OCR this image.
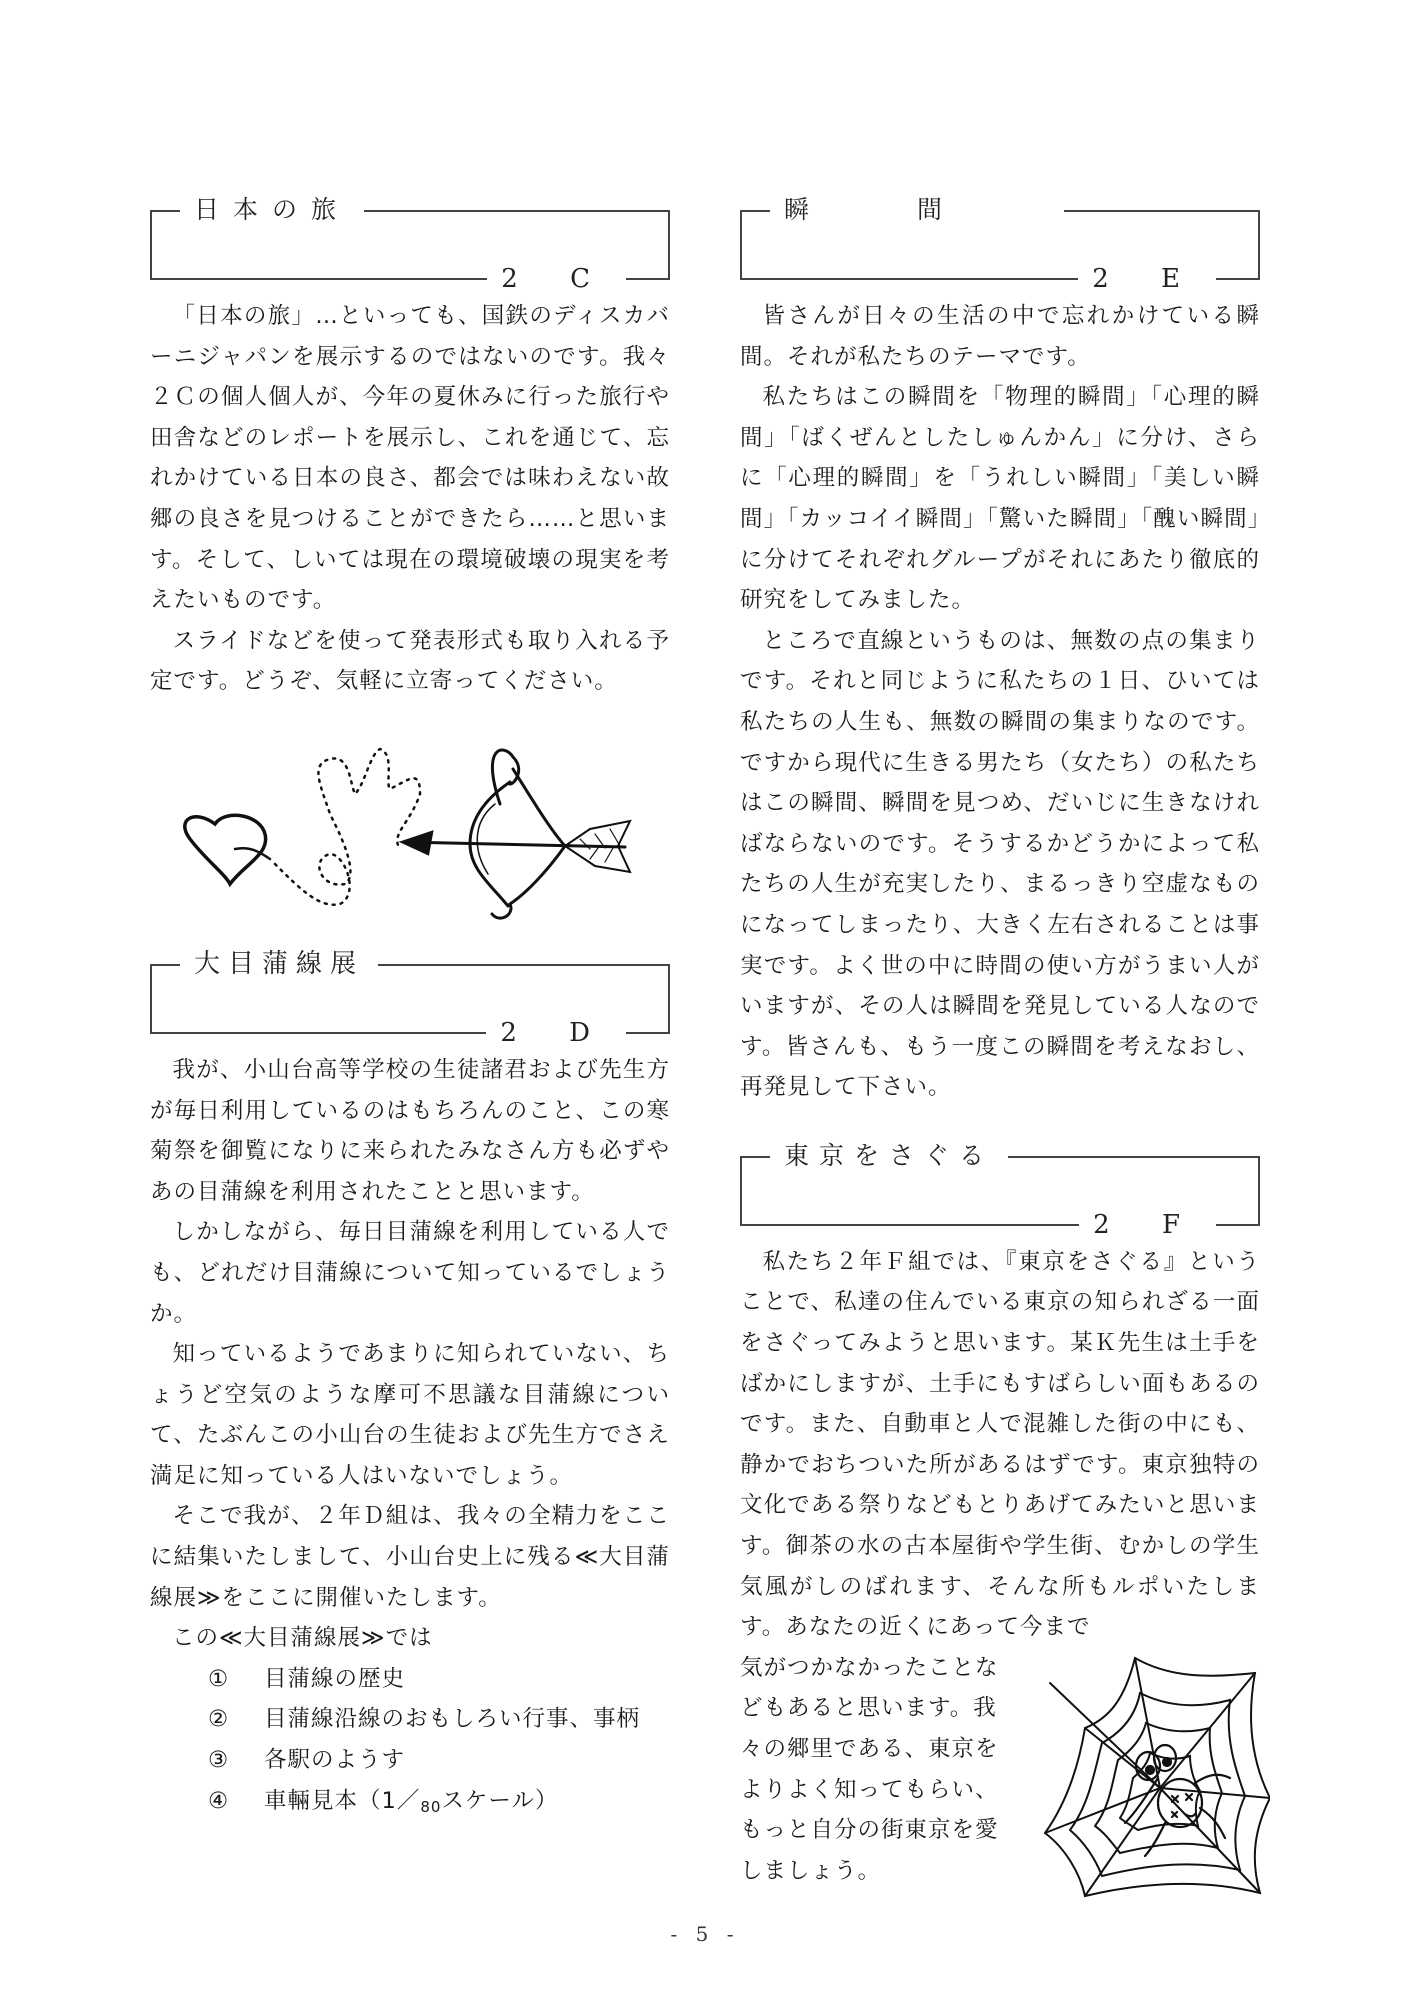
日本の旅
2 C

「日本の旅」…といっても、国鉄のディスカバーニジャパンを展示するのではないのです。我々２Ｃの個人個人が、今年の夏休みに行った旅行や田舎などのレポートを展示し、これを通じて、忘れかけている日本の良さ、都会では味わえない故郷の良さを見つけることができたら……と思います。そして、しいては現在の環境破壊の現実を考えたいものです。

スライドなどを使って発表形式も取り入れる予定です。どうぞ、気軽に立寄ってください。

大目蒲線展
2 D

我が、小山台高等学校の生徒諸君および先生方が毎日利用しているのはもちろんのこと、この寒菊祭を御覧になりに来られたみなさん方も必ずやあの目蒲線を利用されたことと思います。

しかしながら、毎日目蒲線を利用している人でも、どれだけ目蒲線について知っているでしょうか。

知っているようであまりに知られていない、ちょうど空気のような摩可不思議な目蒲線について、たぶんこの小山台の生徒および先生方でさえ満足に知っている人はいないでしょう。

そこで我が、２年Ｄ組は、我々の全精力をここに結集いたしまして、小山台史上に残る≪大目蒲線展≫をここに開催いたします。

この≪大目蒲線展≫では
① 目蒲線の歴史
② 目蒲線沿線のおもしろい行事、事柄
③ 各駅のようす
④ 車輛見本（$1/_{80}$スケール）
瞬間
2 E

皆さんが日々の生活の中で忘れかけている瞬間。それが私たちのテーマです。

私たちはこの瞬間を「物理的瞬間」「心理的瞬間」「ばくぜんとしたしゅんかん」に分け、さらに「心理的瞬間」を「うれしい瞬間」「美しい瞬間」「カッコイイ瞬間」「驚いた瞬間」「醜い瞬間」に分けてそれぞれグループがそれにあたり徹底的研究をしてみました。

ところで直線というものは、無数の点の集まりです。それと同じように私たちの１日、ひいては私たちの人生も、無数の瞬間の集まりなのです。ですから現代に生きる男たち（女たち）の私たちはこの瞬間、瞬間を見つめ、だいじに生きなければならないのです。そうするかどうかによって私たちの人生が充実したり、まるっきり空虚なものになってしまったり、大きく左右されることは事実です。よく世の中に時間の使い方がうまい人がいますが、その人は瞬間を発見している人なのです。皆さんも、もう一度この瞬間を考えなおし、再発見して下さい。

東京をさぐる
2 F

私たち２年Ｆ組では、『東京をさぐる』ということで、私達の住んでいる東京の知られざる一面をさぐってみようと思います。某Ｋ先生は土手をばかにしますが、土手にもすばらしい面もあるのです。また、自動車と人で混雑した街の中にも、静かでおちついた所があるはずです。東京独特の文化である祭りなどもとりあげてみたいと思います。御茶の水の古本屋街や学生街、むかしの学生気風がしのばれます、そんな所もルポいたします。あなたの近くにあって今まで

気がつかなかったことな
どもあると思います。我
々の郷里である、東京を
よりよく知ってもらい、
もっと自分の街東京を愛
しましょう。
- 5 -
